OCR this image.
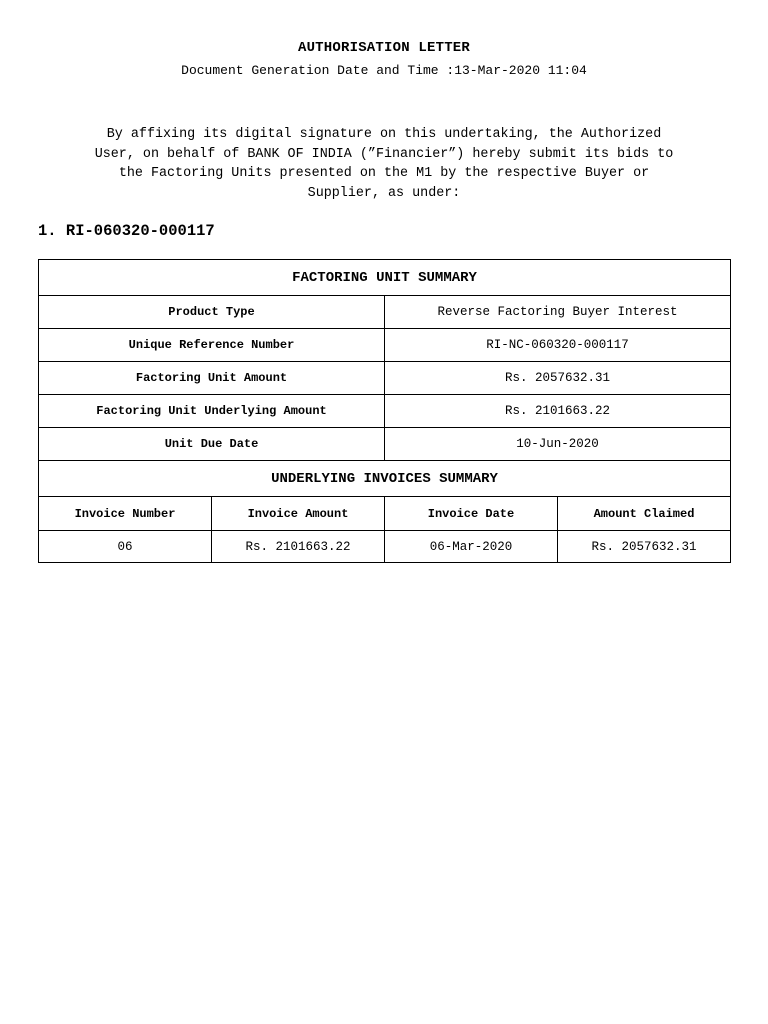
AUTHORISATION LETTER
Document Generation Date and Time :13-Mar-2020 11:04
By affixing its digital signature on this undertaking, the Authorized
User, on behalf of BANK OF INDIA (”Financier”) hereby submit its bids to
the Factoring Units presented on the M1 by the respective Buyer or
Supplier, as under:
1. RI-060320-000117
FACTORING UNIT SUMMARY			
Product Type		Reverse Factoring Buyer Interest	
Unique Reference Number		RI-NC-060320-000117	
Factoring Unit Amount		Rs. 2057632.31	
Factoring Unit Underlying Amount		Rs. 2101663.22	
Unit Due Date		10-Jun-2020	
UNDERLYING INVOICES SUMMARY			
Invoice Number	Invoice Amount	Invoice Date	Amount Claimed
06	Rs. 2101663.22	06-Mar-2020	Rs. 2057632.31
